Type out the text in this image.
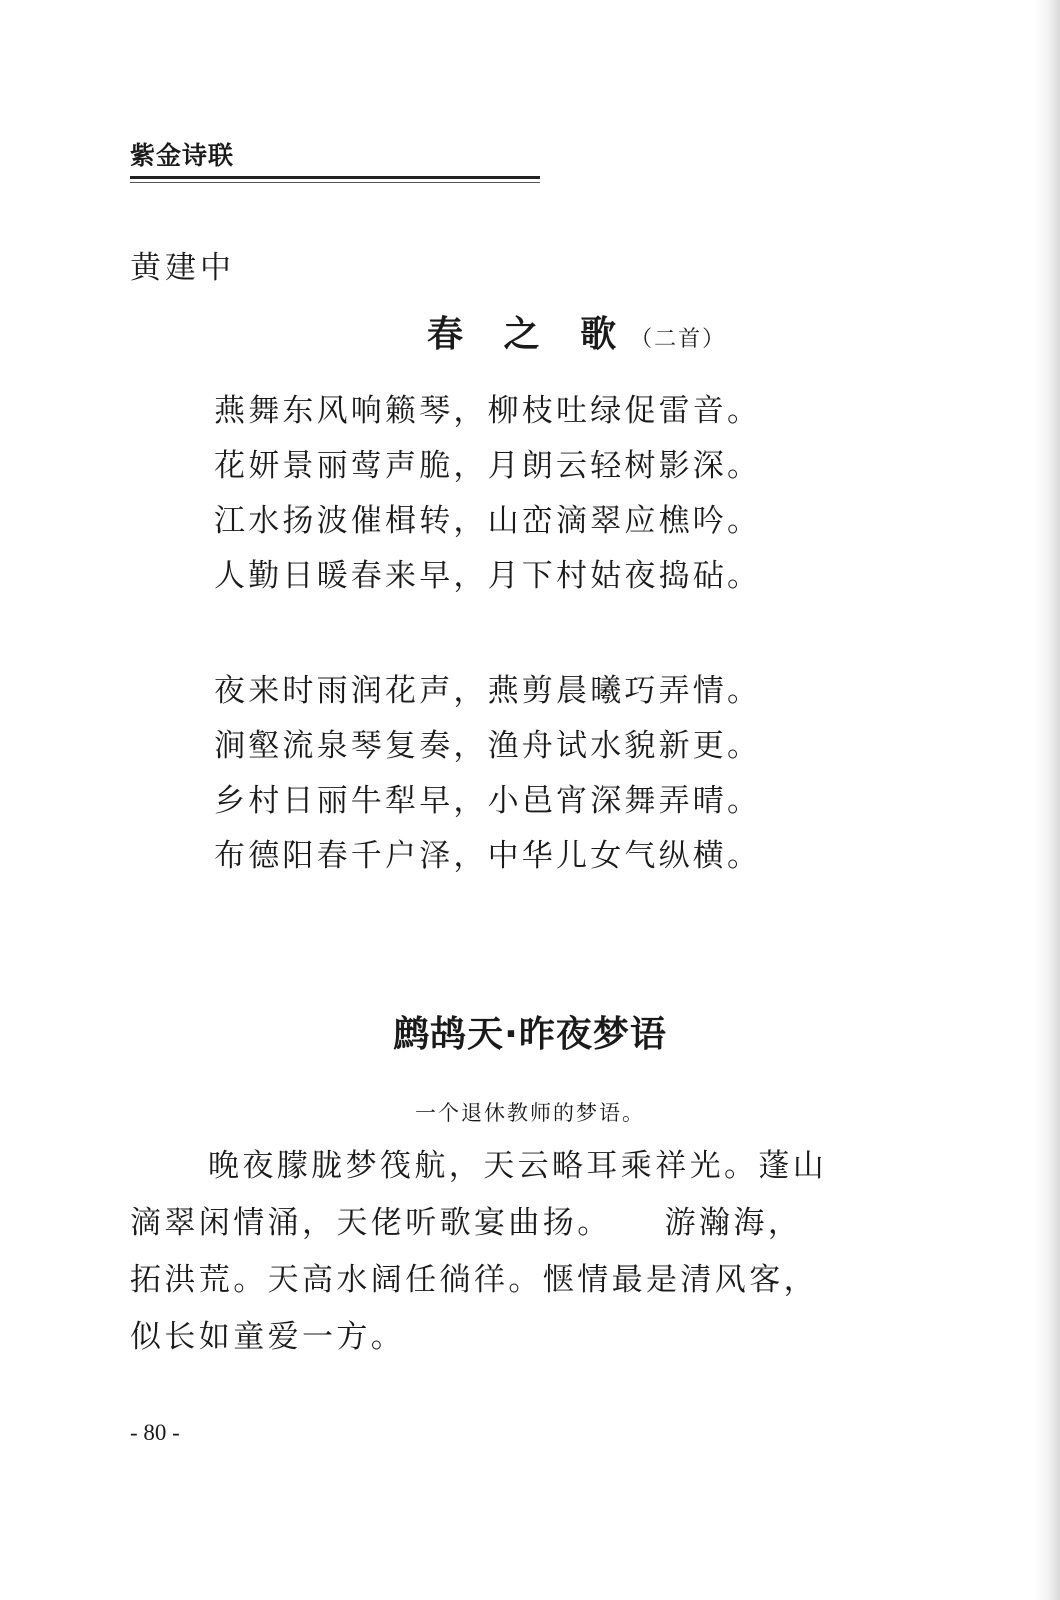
紫金诗联
黄建中
春 之 歌（二首）
燕舞东风响籁琴，柳枝吐绿促雷音。
花妍景丽莺声脆，月朗云轻树影深。
江水扬波催楫转，山峦滴翠应樵吟。
人勤日暖春来早，月下村姑夜捣砧。
夜来时雨润花声，燕剪晨曦巧弄情。
涧壑流泉琴复奏，渔舟试水貌新更。
乡村日丽牛犁早，小邑宵深舞弄晴。
布德阳春千户泽，中华儿女气纵横。
鹧鸪天·昨夜梦语
一个退休教师的梦语。
晚夜朦胧梦筏航，天云略耳乘祥光。蓬山
滴翠闲情涌，天佬听歌宴曲扬。    游瀚海，
拓洪荒。天高水阔任徜徉。惬情最是清风客，
似长如童爱一方。
- 80 -
